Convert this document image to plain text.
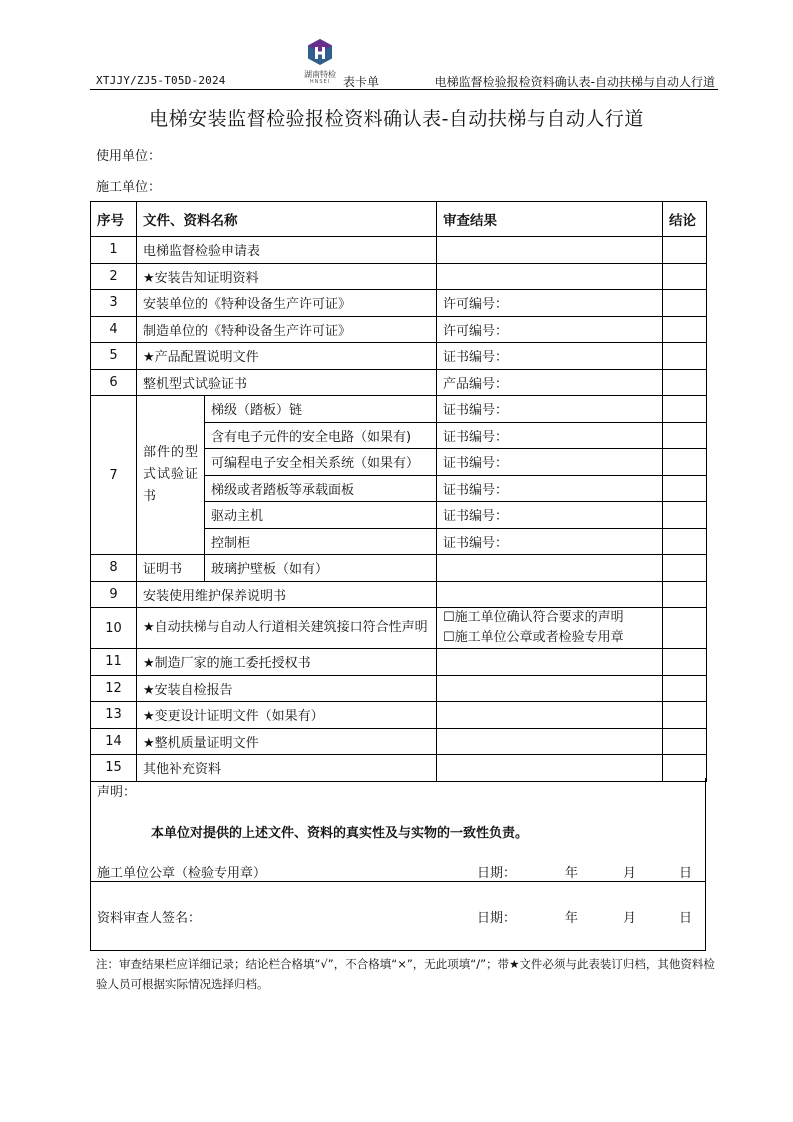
XTJJY/ZJ5-T05D-2024	湖南特检
HNSEI	表卡单	电梯监督检验报检资料确认表-自动扶梯与自动人行道
电梯安装监督检验报检资料确认表-自动扶梯与自动人行道
使用单位：
施工单位：
序号	文件、资料名称		审查结果	结论
1	电梯监督检验申请表			
2	★安装告知证明资料			
3	安装单位的《特种设备生产许可证》		许可编号：	
4	制造单位的《特种设备生产许可证》		许可编号：	
5	★产品配置说明文件		证书编号：	
6	整机型式试验证书		产品编号：	
7	部件的型式试验证书	梯级（踏板）链	证书编号：	
		含有电子元件的安全电路（如果有)	证书编号：	
		可编程电子安全相关系统（如果有）	证书编号：	
		梯级或者踏板等承载面板	证书编号：	
		驱动主机	证书编号：	
		控制柜	证书编号：	
8	证明书	玻璃护壁板（如有）		
9	安装使用维护保养说明书			
10	★自动扶梯与自动人行道相关建筑接口符合性声明		☐施工单位确认符合要求的声明
☐施工单位公章或者检验专用章	

11	★制造厂家的施工委托授权书			
12	★安装自检报告			
13	★变更设计证明文件（如果有）			
14	★整机质量证明文件			
15	其他补充资料			
声明：
本单位对提供的上述文件、资料的真实性及与实物的一致性负责。
施工单位公章（检验专用章）	日期：	年	月	日
资料审查人签名：	日期：	年	月	日
注：审查结果栏应详细记录；结论栏合格填“√”，不合格填“×”，无此项填“/”；带★文件必须与此表装订归档，其他资料检验人员可根据实际情况选择归档。
